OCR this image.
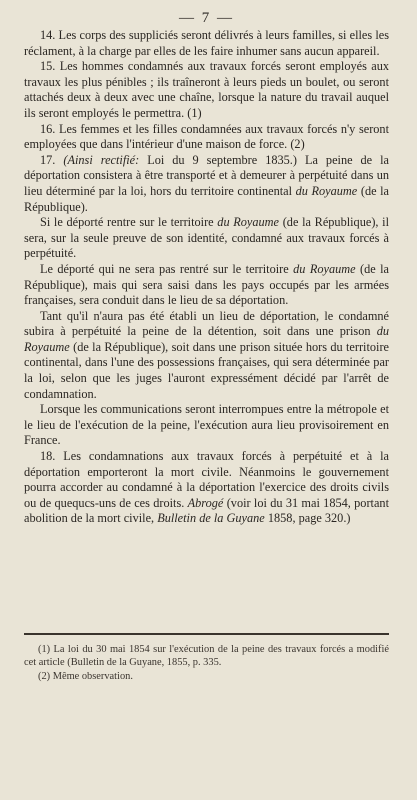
— 7 —

14. Les corps des suppliciés seront délivrés à leurs familles, si elles les réclament, à la charge par elles de les faire inhumer sans aucun appareil.

15. Les hommes condamnés aux travaux forcés seront employés aux travaux les plus pénibles ; ils traîneront à leurs pieds un boulet, ou seront attachés deux à deux avec une chaîne, lorsque la nature du travail auquel ils seront employés le permettra. (1)

16. Les femmes et les filles condamnées aux travaux forcés n'y seront employées que dans l'intérieur d'une maison de force. (2)

17. (Ainsi rectifié: Loi du 9 septembre 1835.) La peine de la déportation consistera à être transporté et à demeurer à perpétuité dans un lieu déterminé par la loi, hors du territoire continental du Royaume (de la République).

Si le déporté rentre sur le territoire du Royaume (de la République), il sera, sur la seule preuve de son identité, condamné aux travaux forcés à perpétuité.

Le déporté qui ne sera pas rentré sur le territoire du Royaume (de la République), mais qui sera saisi dans les pays occupés par les armées françaises, sera conduit dans le lieu de sa déportation.

Tant qu'il n'aura pas été établi un lieu de déportation, le condamné subira à perpétuité la peine de la détention, soit dans une prison du Royaume (de la République), soit dans une prison située hors du territoire continental, dans l'une des possessions françaises, qui sera déterminée par la loi, selon que les juges l'auront expressément décidé par l'arrêt de condamnation.

Lorsque les communications seront interrompues entre la métropole et le lieu de l'exécution de la peine, l'exécution aura lieu provisoirement en France.

18. Les condamnations aux travaux forcés à perpétuité et à la déportation emporteront la mort civile. Néanmoins le gouvernement pourra accorder au condamné à la déportation l'exercice des droits civils ou de quequcs-uns de ces droits. Abrogé (voir loi du 31 mai 1854, portant abolition de la mort civile, Bulletin de la Guyane 1858, page 320.)

(1) La loi du 30 mai 1854 sur l'exécution de la peine des travaux forcés a modifié cet article (Bulletin de la Guyane, 1855, p. 335.

(2) Même observation.
